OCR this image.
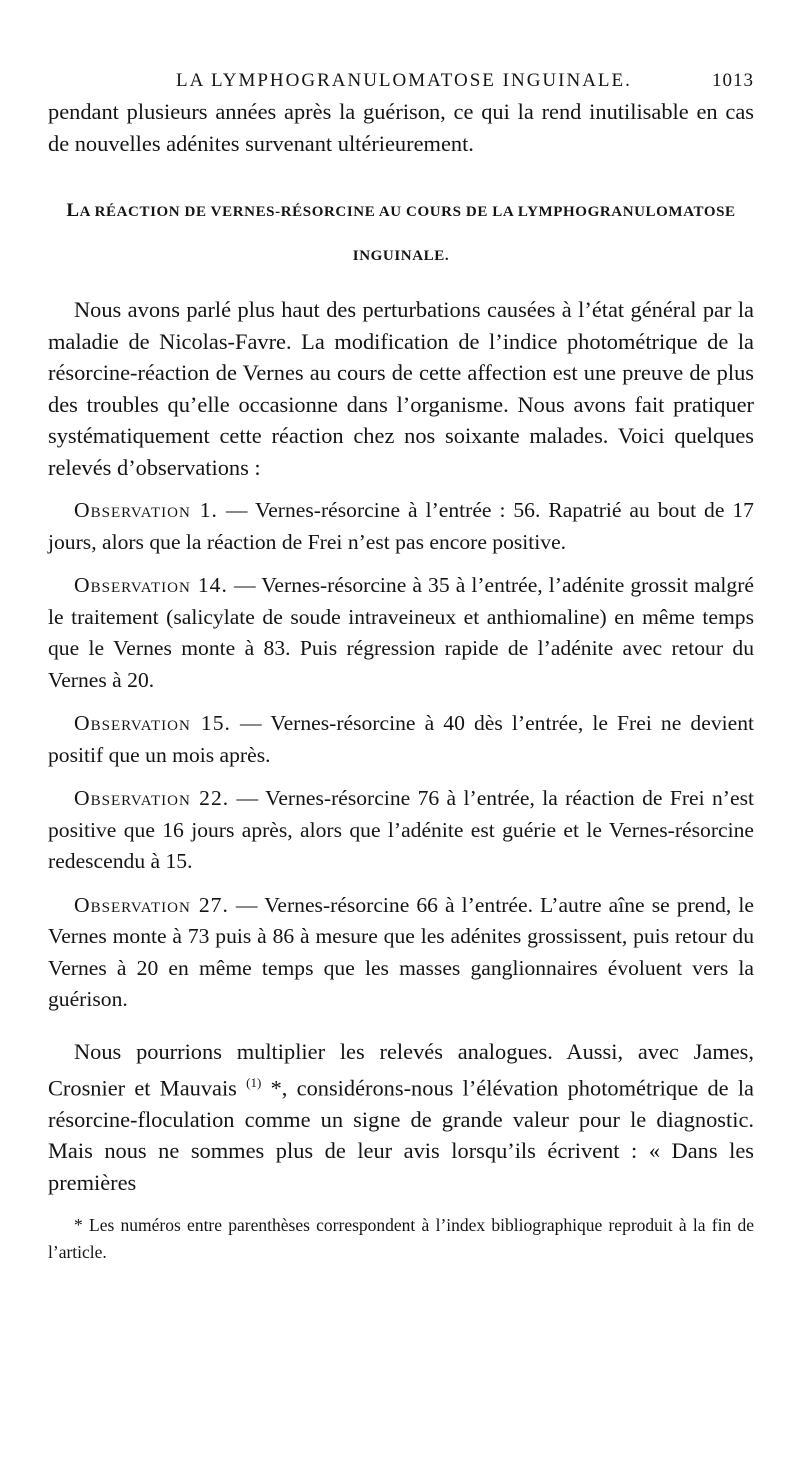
LA LYMPHOGRANULOMATOSE INGUINALE.	1013

pendant plusieurs années après la guérison, ce qui la rend inutilisable en cas de nouvelles adénites survenant ultérieurement.

LA RÉACTION DE VERNES-RÉSORCINE AU COURS DE LA LYMPHOGRANULOMATOSE INGUINALE.

Nous avons parlé plus haut des perturbations causées à l’état général par la maladie de Nicolas-Favre. La modification de l’indice photométrique de la résorcine-réaction de Vernes au cours de cette affection est une preuve de plus des troubles qu’elle occasionne dans l’organisme. Nous avons fait pratiquer systématiquement cette réaction chez nos soixante malades. Voici quelques relevés d’observations :

Observation 1. — Vernes-résorcine à l’entrée : 56. Rapatrié au bout de 17 jours, alors que la réaction de Frei n’est pas encore positive.

Observation 14. — Vernes-résorcine à 35 à l’entrée, l’adénite grossit malgré le traitement (salicylate de soude intraveineux et anthiomaline) en même temps que le Vernes monte à 83. Puis régression rapide de l’adénite avec retour du Vernes à 20.

Observation 15. — Vernes-résorcine à 40 dès l’entrée, le Frei ne devient positif que un mois après.

Observation 22. — Vernes-résorcine 76 à l’entrée, la réaction de Frei n’est positive que 16 jours après, alors que l’adénite est guérie et le Vernes-résorcine redescendu à 15.

Observation 27. — Vernes-résorcine 66 à l’entrée. L’autre aîne se prend, le Vernes monte à 73 puis à 86 à mesure que les adénites grossissent, puis retour du Vernes à 20 en même temps que les masses ganglionnaires évoluent vers la guérison.

Nous pourrions multiplier les relevés analogues. Aussi, avec James, Crosnier et Mauvais $^{(1)}$ *, considérons-nous l’élévation photométrique de la résorcine-floculation comme un signe de grande valeur pour le diagnostic. Mais nous ne sommes plus de leur avis lorsqu’ils écrivent : « Dans les premières

* Les numéros entre parenthèses correspondent à l’index bibliographique reproduit à la fin de l’article.
